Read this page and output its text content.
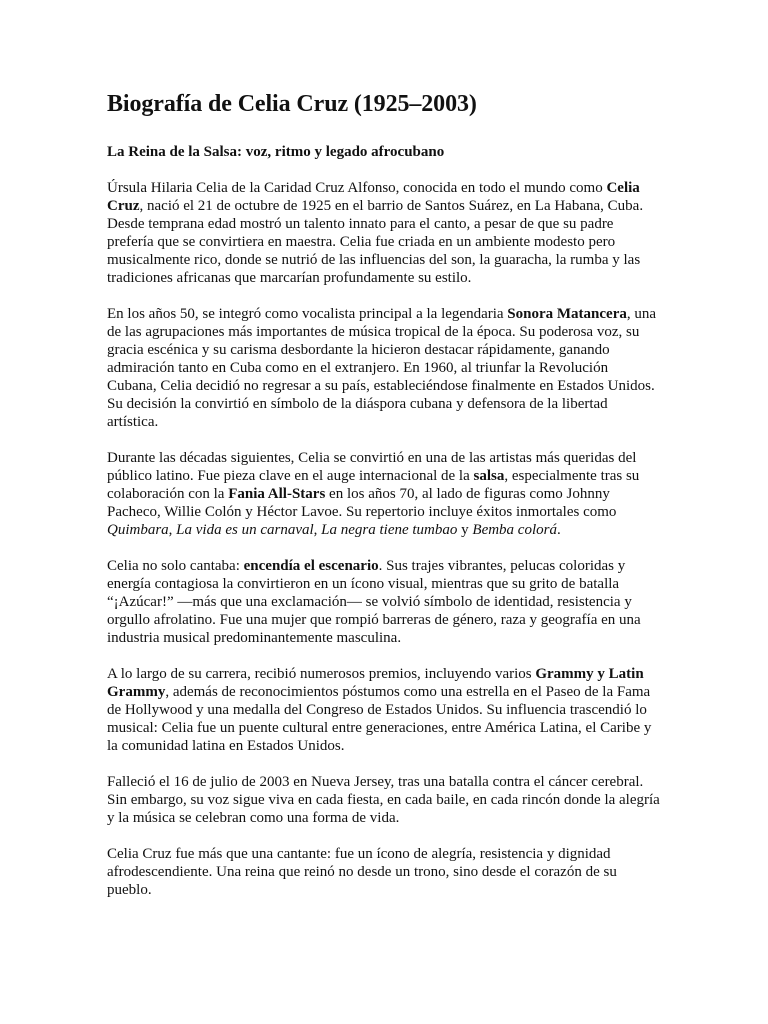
Biografía de Celia Cruz (1925–2003)
La Reina de la Salsa: voz, ritmo y legado afrocubano

Úrsula Hilaria Celia de la Caridad Cruz Alfonso, conocida en todo el mundo como Celia Cruz, nació el 21 de octubre de 1925 en el barrio de Santos Suárez, en La Habana, Cuba. Desde temprana edad mostró un talento innato para el canto, a pesar de que su padre prefería que se convirtiera en maestra. Celia fue criada en un ambiente modesto pero musicalmente rico, donde se nutrió de las influencias del son, la guaracha, la rumba y las tradiciones africanas que marcarían profundamente su estilo.

En los años 50, se integró como vocalista principal a la legendaria Sonora Matancera, una de las agrupaciones más importantes de música tropical de la época. Su poderosa voz, su gracia escénica y su carisma desbordante la hicieron destacar rápidamente, ganando admiración tanto en Cuba como en el extranjero. En 1960, al triunfar la Revolución Cubana, Celia decidió no regresar a su país, estableciéndose finalmente en Estados Unidos. Su decisión la convirtió en símbolo de la diáspora cubana y defensora de la libertad artística.

Durante las décadas siguientes, Celia se convirtió en una de las artistas más queridas del público latino. Fue pieza clave en el auge internacional de la salsa, especialmente tras su colaboración con la Fania All-Stars en los años 70, al lado de figuras como Johnny Pacheco, Willie Colón y Héctor Lavoe. Su repertorio incluye éxitos inmortales como Quimbara, La vida es un carnaval, La negra tiene tumbao y Bemba colorá.

Celia no solo cantaba: encendía el escenario. Sus trajes vibrantes, pelucas coloridas y energía contagiosa la convirtieron en un ícono visual, mientras que su grito de batalla “¡Azúcar!” —más que una exclamación— se volvió símbolo de identidad, resistencia y orgullo afrolatino. Fue una mujer que rompió barreras de género, raza y geografía en una industria musical predominantemente masculina.

A lo largo de su carrera, recibió numerosos premios, incluyendo varios Grammy y Latin Grammy, además de reconocimientos póstumos como una estrella en el Paseo de la Fama de Hollywood y una medalla del Congreso de Estados Unidos. Su influencia trascendió lo musical: Celia fue un puente cultural entre generaciones, entre América Latina, el Caribe y la comunidad latina en Estados Unidos.

Falleció el 16 de julio de 2003 en Nueva Jersey, tras una batalla contra el cáncer cerebral. Sin embargo, su voz sigue viva en cada fiesta, en cada baile, en cada rincón donde la alegría y la música se celebran como una forma de vida.

Celia Cruz fue más que una cantante: fue un ícono de alegría, resistencia y dignidad afrodescendiente. Una reina que reinó no desde un trono, sino desde el corazón de su pueblo.
